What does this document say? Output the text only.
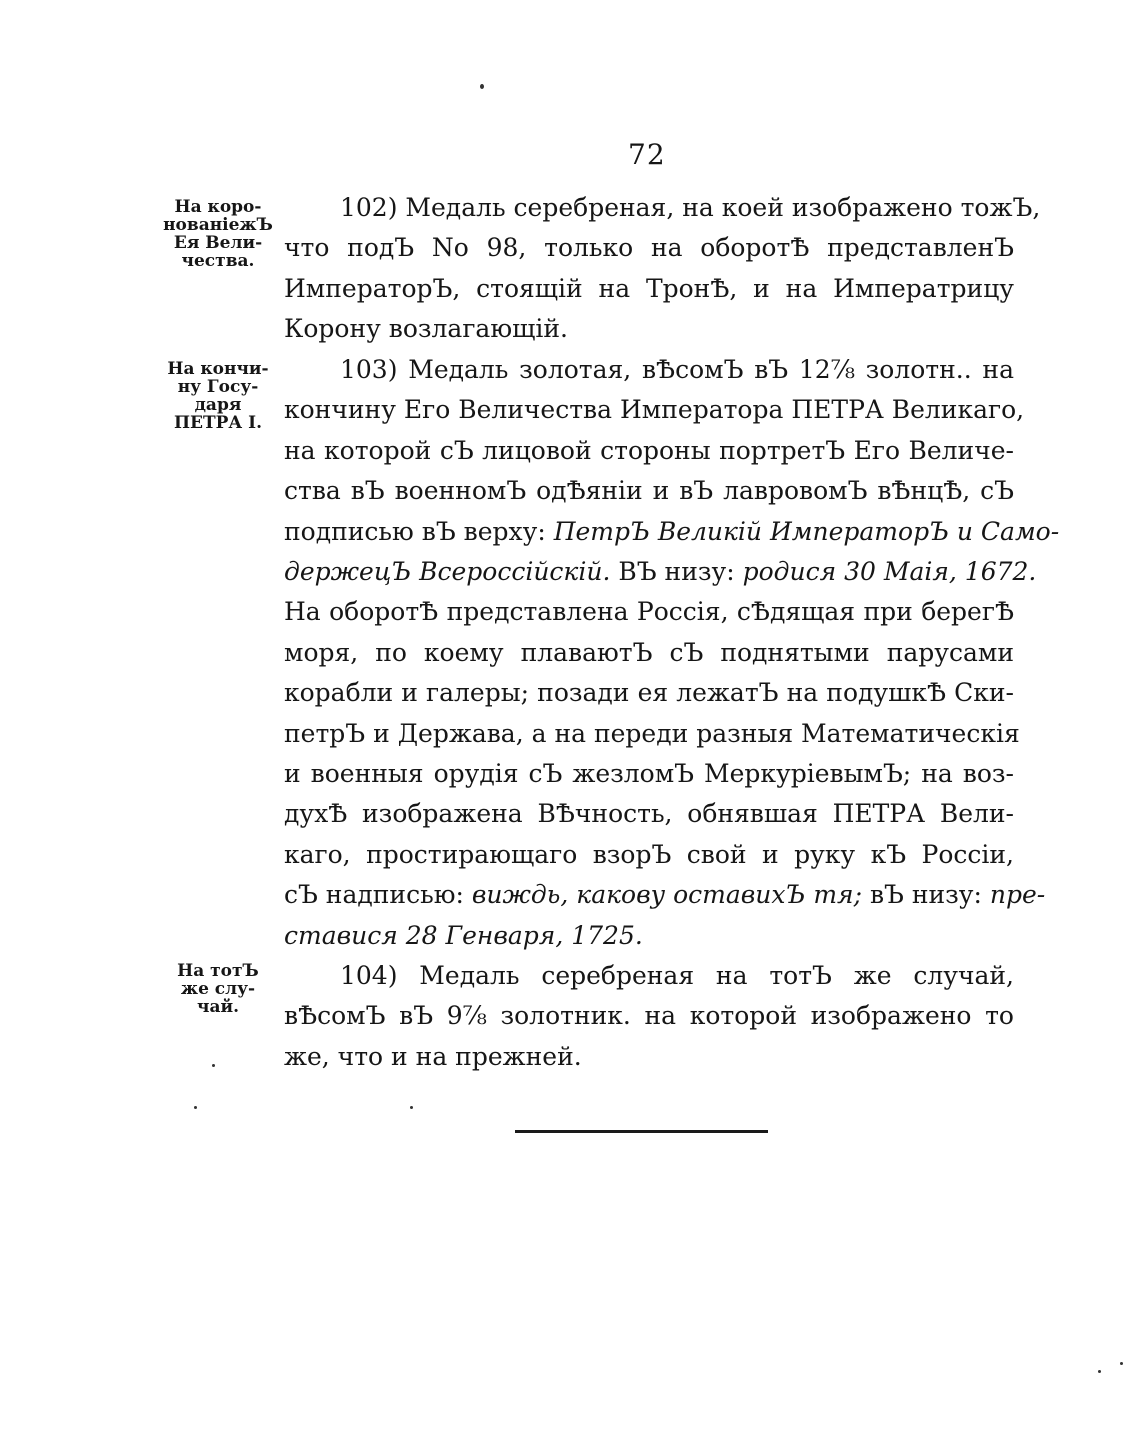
72
На коро-
нованіежЪ
Ея Вели-
чества.
На кончи-
ну Госу-
даря
ПЕТРА I.
На тотЪ
же слу-
чай.
102) Медаль серебреная, на коей изображено тожЪ,
что подЪ No 98, только на оборотѢ представленЪ
ИмператорЪ, стоящій на ТронѢ, и на Императрицу
Корону возлагающій.
103) Медаль золотая, вѢсомЪ вЪ 12⅞ золотн.. на
кончину Его Величества Императора ПЕТРА Великаго,
на которой сЪ лицовой стороны портретЪ Его Величе-
ства вЪ военномЪ одѢяніи и вЪ лавровомЪ вѢнцѢ, сЪ
подписью вЪ верху: ПетрЪ Великій ИмператорЪ и Само-
держецЪ Всероссійскій. ВЪ низу: родися 30 Маія, 1672.
На оборотѢ представлена Россія, сѢдящая при берегѢ
моря, по коему плаваютЪ сЪ поднятыми парусами
корабли и галеры; позади ея лежатЪ на подушкѢ Ски-
петрЪ и Держава, а на переди разныя Математическія
и военныя орудія сЪ жезломЪ МеркуріевымЪ; на воз-
духѢ изображена ВѢчность, обнявшая ПЕТРА Вели-
каго, простирающаго взорЪ свой и руку кЪ Россіи,
сЪ надписью: виждь, какову оставихЪ тя; вЪ низу: пре-
ставися 28 Генваря, 1725.
104) Медаль серебреная на тотЪ же случай,
вѢсомЪ вЪ 9⅞ золотник. на которой изображено то
же, что и на прежней.
